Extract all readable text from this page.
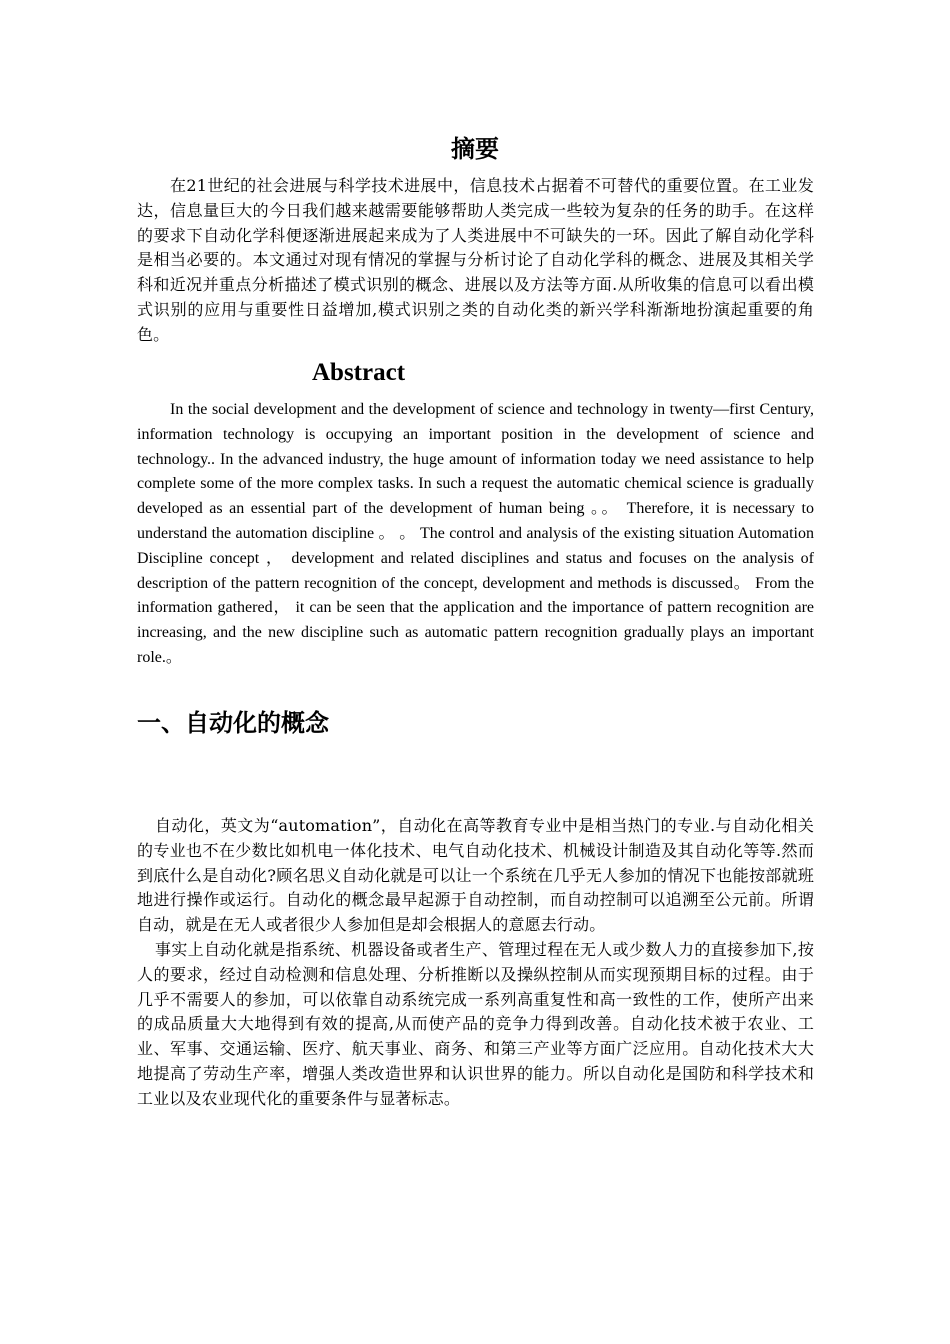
摘要

在21世纪的社会进展与科学技术进展中，信息技术占据着不可替代的重要位置。在工业发达，信息量巨大的今日我们越来越需要能够帮助人类完成一些较为复杂的任务的助手。在这样的要求下自动化学科便逐渐进展起来成为了人类进展中不可缺失的一环。因此了解自动化学科是相当必要的。本文通过对现有情况的掌握与分析讨论了自动化学科的概念、进展及其相关学科和近况并重点分析描述了模式识别的概念、进展以及方法等方面.从所收集的信息可以看出模式识别的应用与重要性日益增加,模式识别之类的自动化类的新兴学科渐渐地扮演起重要的角色。

Abstract

In the social development and the development of science and technology in twenty—first Century, information technology is occupying an important position in the development of science and technology.. In the advanced industry, the huge amount of information today we need assistance to help complete some of the more complex tasks. In such a request the automatic chemical science is gradually developed as an essential part of the development of human being 。。 Therefore, it is necessary to understand the automation discipline 。 。 The control and analysis of the existing situation Automation Discipline concept ， development and related disciplines and status and focuses on the analysis of description of the pattern recognition of the concept, development and methods is discussed。 From the information gathered， it can be seen that the application and the importance of pattern recognition are increasing, and the new discipline such as automatic pattern recognition gradually plays an important role.。

一、自动化的概念

自动化，英文为“automation”，自动化在高等教育专业中是相当热门的专业.与自动化相关的专业也不在少数比如机电一体化技术、电气自动化技术、机械设计制造及其自动化等等.然而到底什么是自动化?顾名思义自动化就是可以让一个系统在几乎无人参加的情况下也能按部就班地进行操作或运行。自动化的概念最早起源于自动控制，而自动控制可以追溯至公元前。所谓自动，就是在无人或者很少人参加但是却会根据人的意愿去行动。

事实上自动化就是指系统、机器设备或者生产、管理过程在无人或少数人力的直接参加下,按人的要求，经过自动检测和信息处理、分析推断以及操纵控制从而实现预期目标的过程。由于几乎不需要人的参加，可以依靠自动系统完成一系列高重复性和高一致性的工作，使所产出来的成品质量大大地得到有效的提高,从而使产品的竞争力得到改善。自动化技术被于农业、工业、军事、交通运输、医疗、航天事业、商务、和第三产业等方面广泛应用。自动化技术大大地提高了劳动生产率，增强人类改造世界和认识世界的能力。所以自动化是国防和科学技术和工业以及农业现代化的重要条件与显著标志。
